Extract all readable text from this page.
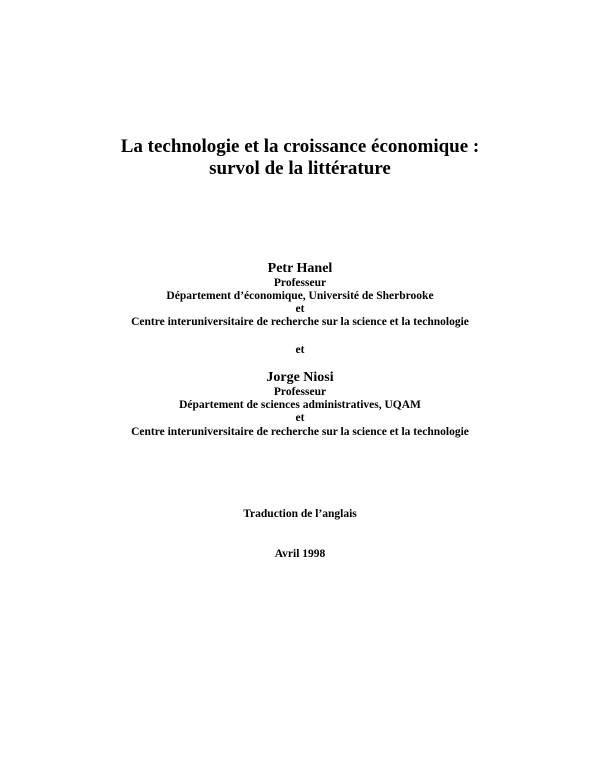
La technologie et la croissance économique :
survol de la littérature

Petr Hanel

Professeur

Département d’économique, Université de Sherbrooke

et

Centre interuniversitaire de recherche sur la science et la technologie

et

Jorge Niosi

Professeur

Département de sciences administratives, UQAM

et

Centre interuniversitaire de recherche sur la science et la technologie

Traduction de l’anglais

Avril 1998
